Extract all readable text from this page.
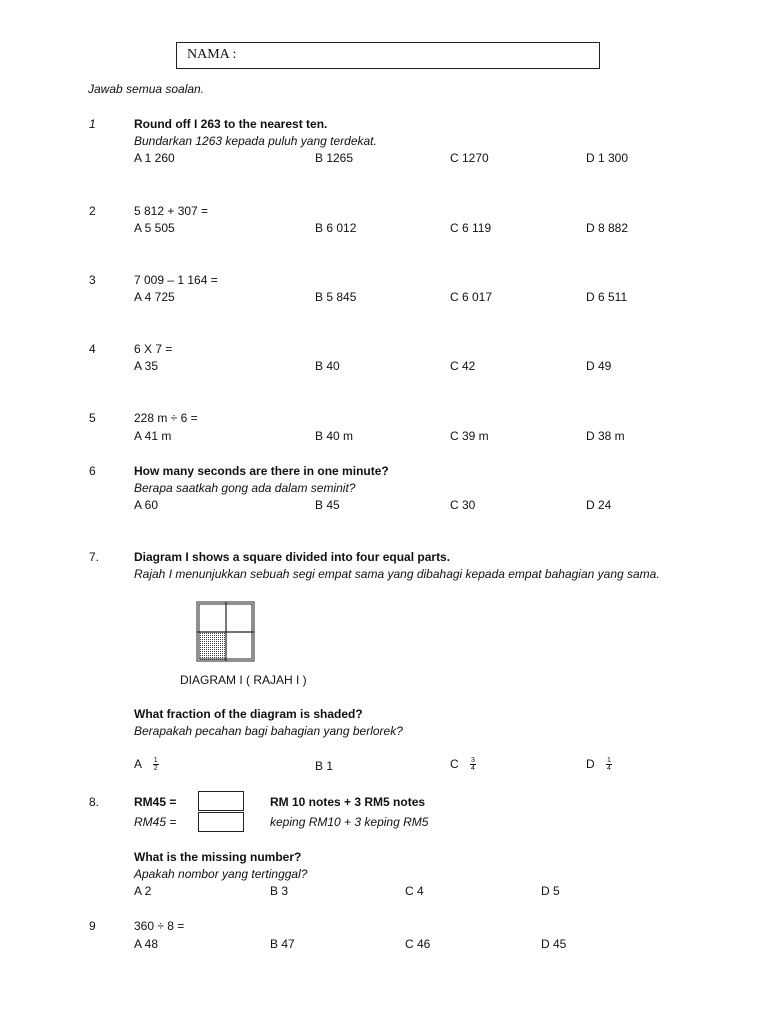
NAMA :
Jawab semua soalan.
1	Round off I 263 to the nearest ten.
Bundarkan 1263 kepada puluh yang terdekat.
A 1 260	B 1265	C 1270	D 1 300
2	5 812 + 307 =
A 5 505	B 6 012	C 6 119	D 8 882
3	7 009 – 1 164 =
A 4 725	B 5 845	C 6 017	D 6 511
4	6 X 7 =
A 35	B 40	C 42	D 49
5	228 m ÷ 6 =
A 41 m	B 40 m	C 39 m	D 38 m
6	How many seconds are there in one minute?
Berapa saatkah gong ada dalam seminit?
A 60	B 45	C 30	D 24
7.	Diagram I shows a square divided into four equal parts.
Rajah I menunjukkan sebuah segi empat sama yang dibahagi kepada empat bahagian yang sama.
DIAGRAM I ( RAJAH I )
What fraction of the diagram is shaded?
Berapakah pecahan bagi bahagian yang berlorek?
A $\frac{1}{2}$	B 1	C $\frac{3}{4}$	D $\frac{1}{4}$
8.	RM45 =	RM 10 notes + 3 RM5 notes
RM45 =	keping RM10 + 3 keping RM5
What is the missing number?
Apakah nombor yang tertinggal?
A 2	B 3	C 4	D 5
9	360 ÷ 8 =
A 48	B 47	C 46	D 45
